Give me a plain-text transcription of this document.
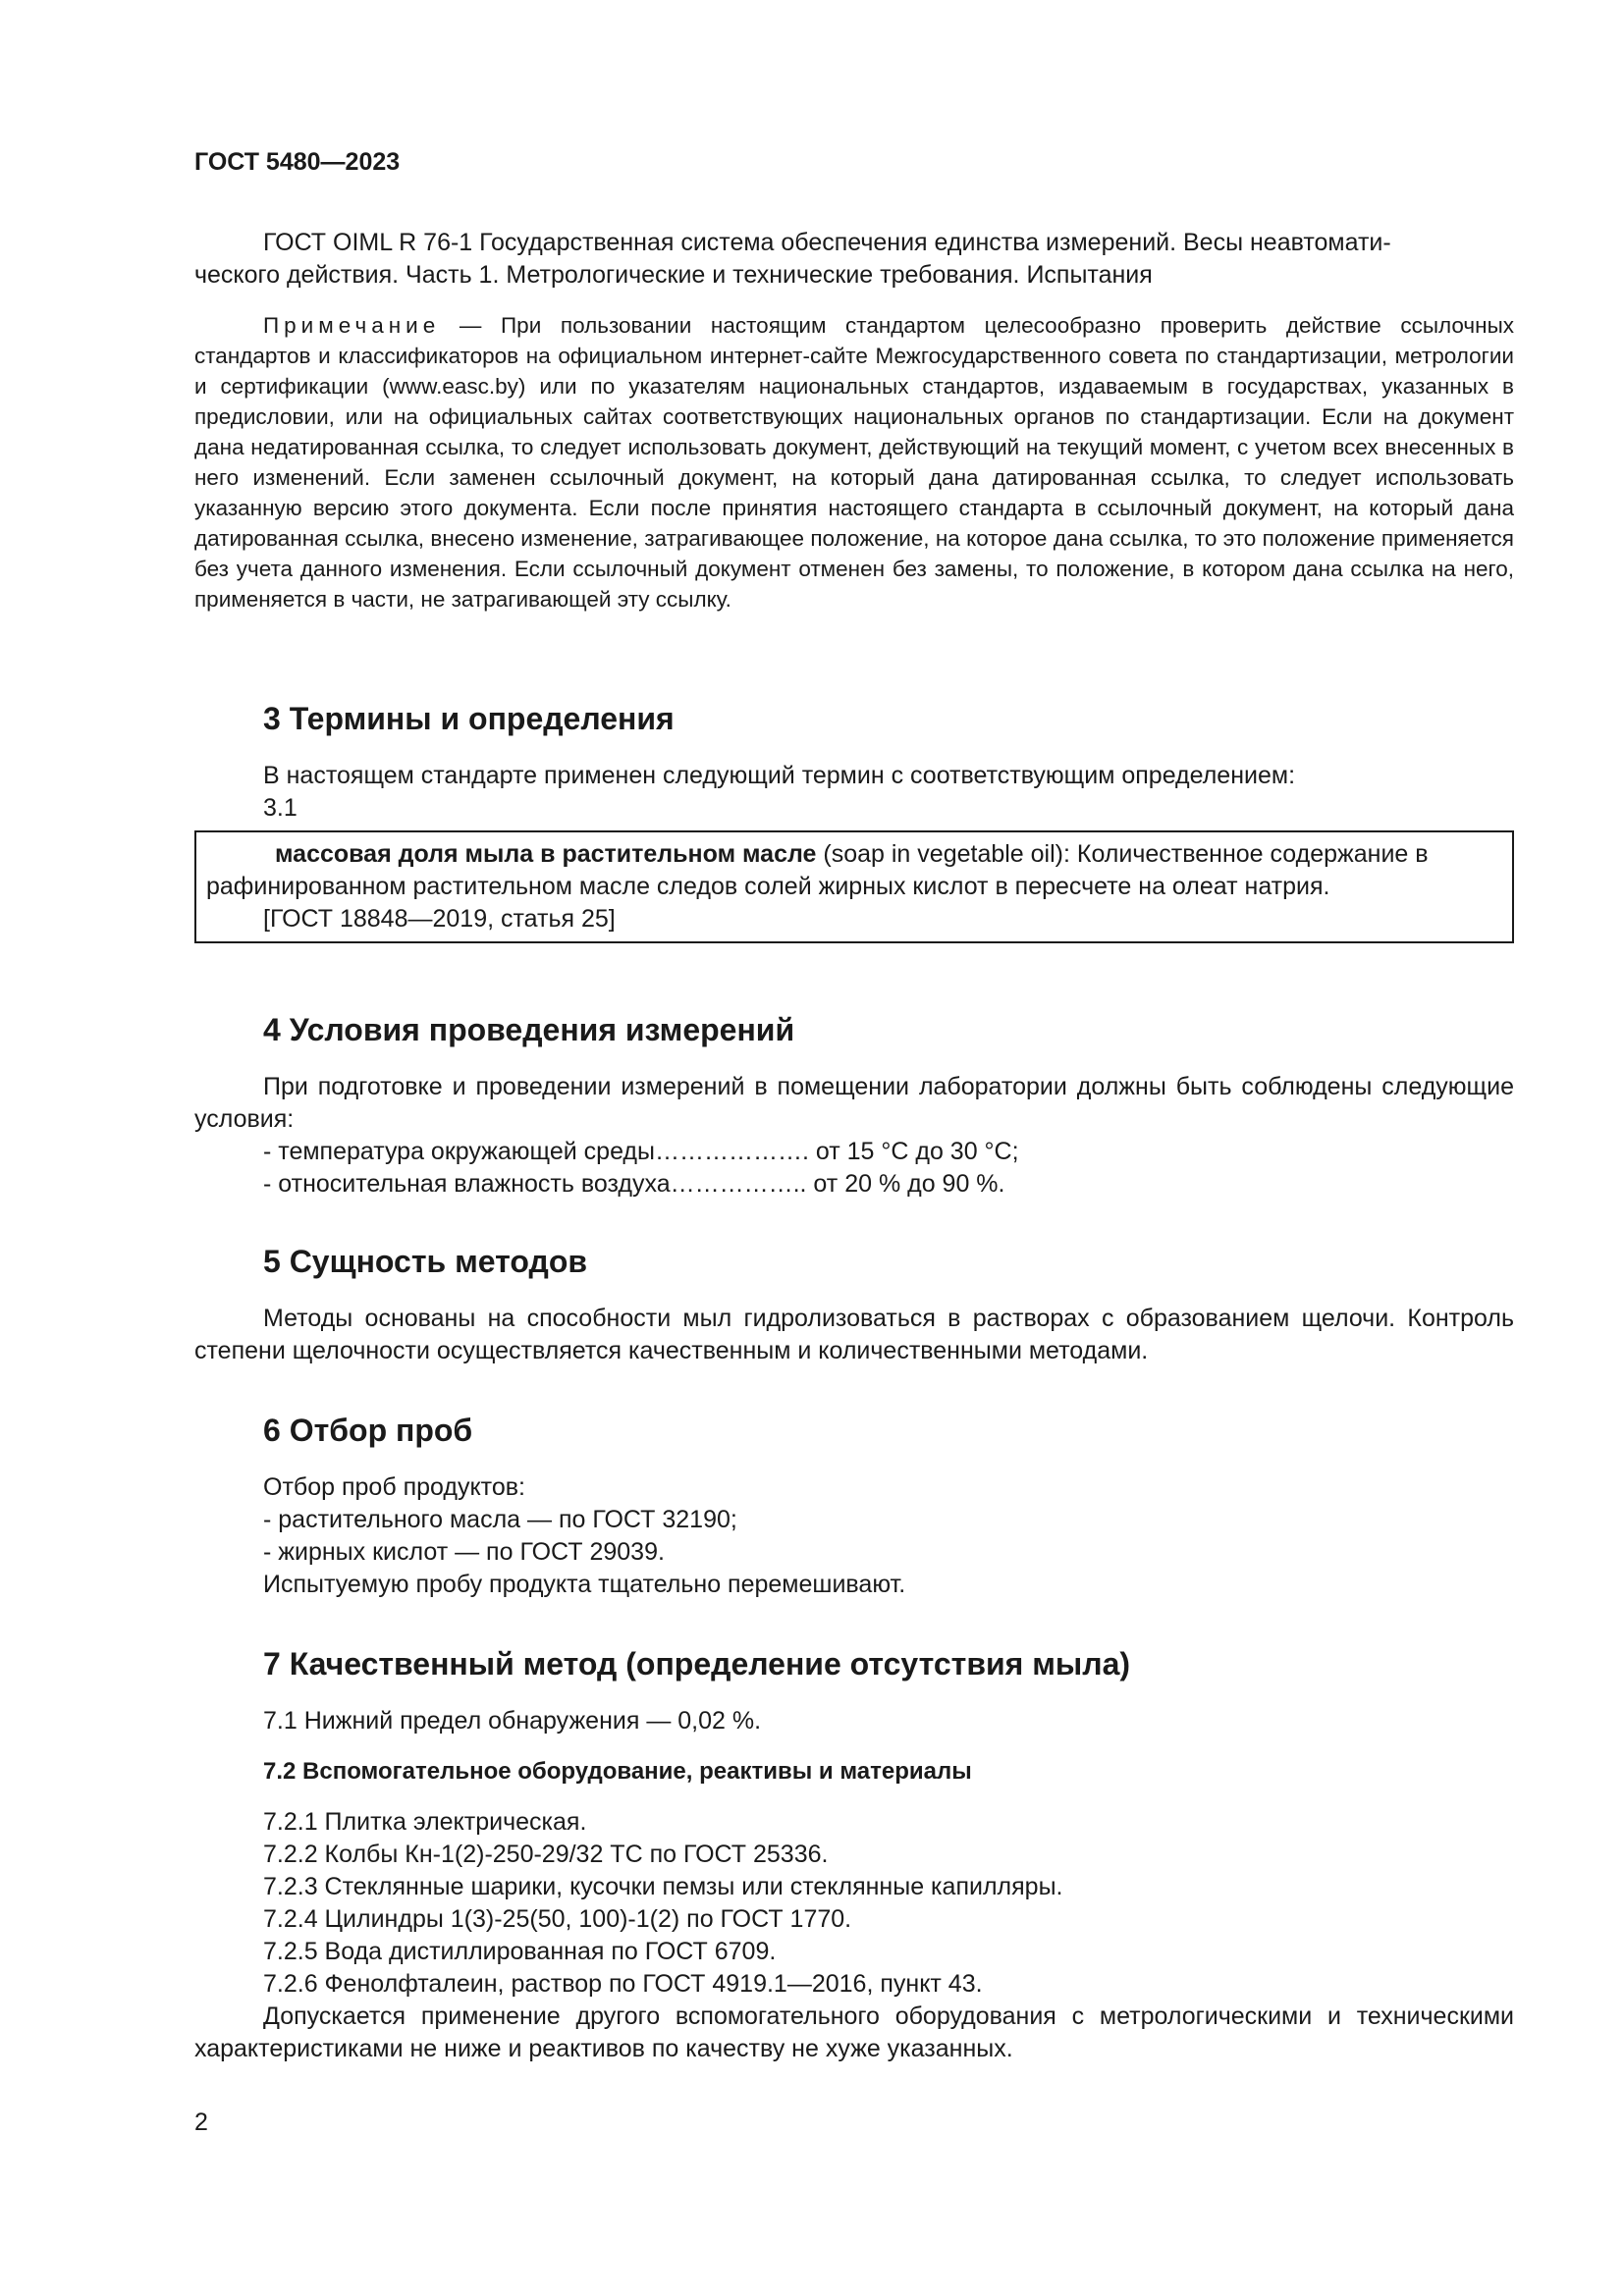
ГОСТ 5480—2023

ГОСТ OIML R 76-1 Государственная система обеспечения единства измерений. Весы неавтомати-

ческого действия. Часть 1. Метрологические и технические требования. Испытания

Примечание — При пользовании настоящим стандартом целесообразно проверить действие ссылочных стандартов и классификаторов на официальном интернет-сайте Межгосударственного совета по стандартизации, метрологии и сертификации (www.easc.by) или по указателям национальных стандартов, издаваемым в государствах, указанных в предисловии, или на официальных сайтах соответствующих национальных органов по стандартизации. Если на документ дана недатированная ссылка, то следует использовать документ, действующий на текущий момент, с учетом всех внесенных в него изменений. Если заменен ссылочный документ, на который дана датированная ссылка, то следует использовать указанную версию этого документа. Если после принятия настоящего стандарта в ссылочный документ, на который дана датированная ссылка, внесено изменение, затрагивающее положение, на которое дана ссылка, то это положение применяется без учета данного изменения. Если ссылочный документ отменен без замены, то положение, в котором дана ссылка на него, применяется в части, не затрагивающей эту ссылку.

3 Термины и определения

В настоящем стандарте применен следующий термин с соответствующим определением:

3.1

массовая доля мыла в растительном масле (soap in vegetable oil): Количественное содержание в рафинированном растительном масле следов солей жирных кислот в пересчете на олеат натрия.

[ГОСТ 18848—2019, статья 25]

4 Условия проведения измерений

При подготовке и проведении измерений в помещении лаборатории должны быть соблюдены следующие условия:

- температура окружающей среды………………. от 15 °С до 30 °С;

- относительная влажность воздуха…………….. от 20 % до 90 %.

5 Сущность методов

Методы основаны на способности мыл гидролизоваться в растворах с образованием щелочи. Контроль степени щелочности осуществляется качественным и количественными методами.

6 Отбор проб

Отбор проб продуктов:

- растительного масла — по ГОСТ 32190;

- жирных кислот — по ГОСТ 29039.

Испытуемую пробу продукта тщательно перемешивают.

7 Качественный метод (определение отсутствия мыла)

7.1 Нижний предел обнаружения — 0,02 %.

7.2 Вспомогательное оборудование, реактивы и материалы

7.2.1 Плитка электрическая.

7.2.2 Колбы Кн-1(2)-250-29/32 ТС по ГОСТ 25336.

7.2.3 Стеклянные шарики, кусочки пемзы или стеклянные капилляры.

7.2.4 Цилиндры 1(3)-25(50, 100)-1(2) по ГОСТ 1770.

7.2.5 Вода дистиллированная по ГОСТ 6709.

7.2.6 Фенолфталеин, раствор по ГОСТ 4919.1—2016, пункт 43.

Допускается применение другого вспомогательного оборудования с метрологическими и техническими характеристиками не ниже и реактивов по качеству не хуже указанных.

2
